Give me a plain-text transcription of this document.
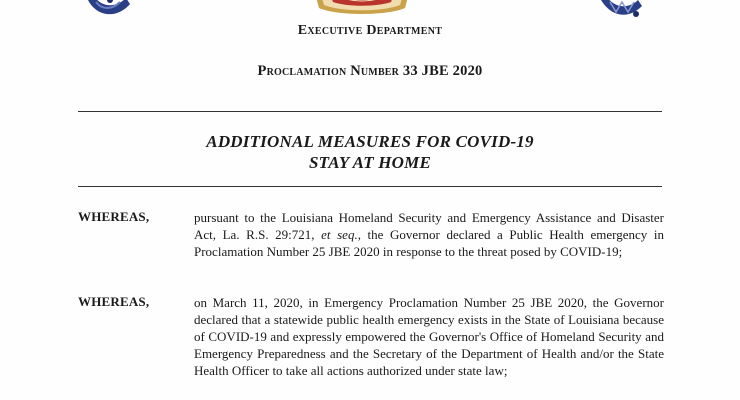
Executive Department
Proclamation Number 33 JBE 2020
ADDITIONAL MEASURES FOR COVID-19
STAY AT HOME
WHEREAS,	pursuant to the Louisiana Homeland Security and Emergency Assistance and Disaster Act, La. R.S. 29:721, et seq., the Governor declared a Public Health emergency in Proclamation Number 25 JBE 2020 in response to the threat posed by COVID-19;
WHEREAS,	on March 11, 2020, in Emergency Proclamation Number 25 JBE 2020, the Governor declared that a statewide public health emergency exists in the State of Louisiana because of COVID-19 and expressly empowered the Governor's Office of Homeland Security and Emergency Preparedness and the Secretary of the Department of Health and/or the State Health Officer to take all actions authorized under state law;
